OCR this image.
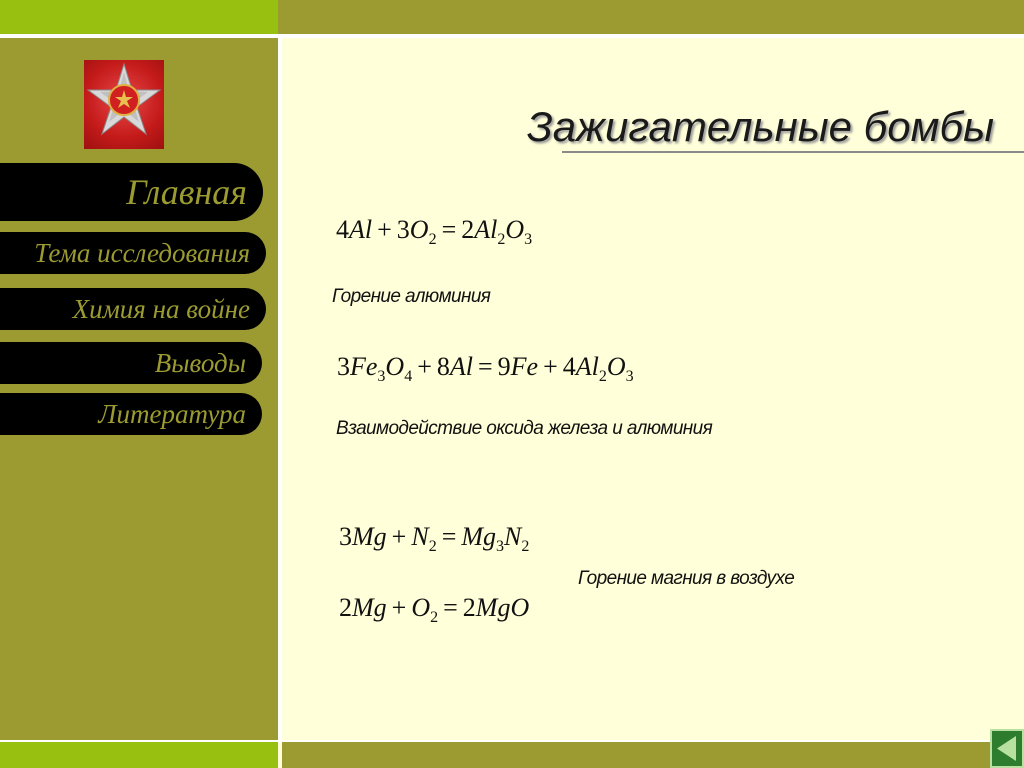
Главная
Тема исследования
Химия на войне
Выводы
Литература
Зажигательные бомбы
$4Al + 3O_2 = 2Al_2O_3$
Горение алюминия
$3Fe_3O_4 + 8Al = 9Fe + 4Al_2O_3$
Взаимодействие оксида железа и алюминия
$3Mg + N_2 = Mg_3N_2$
$2Mg + O_2 = 2MgO$
Горение магния в воздухе
